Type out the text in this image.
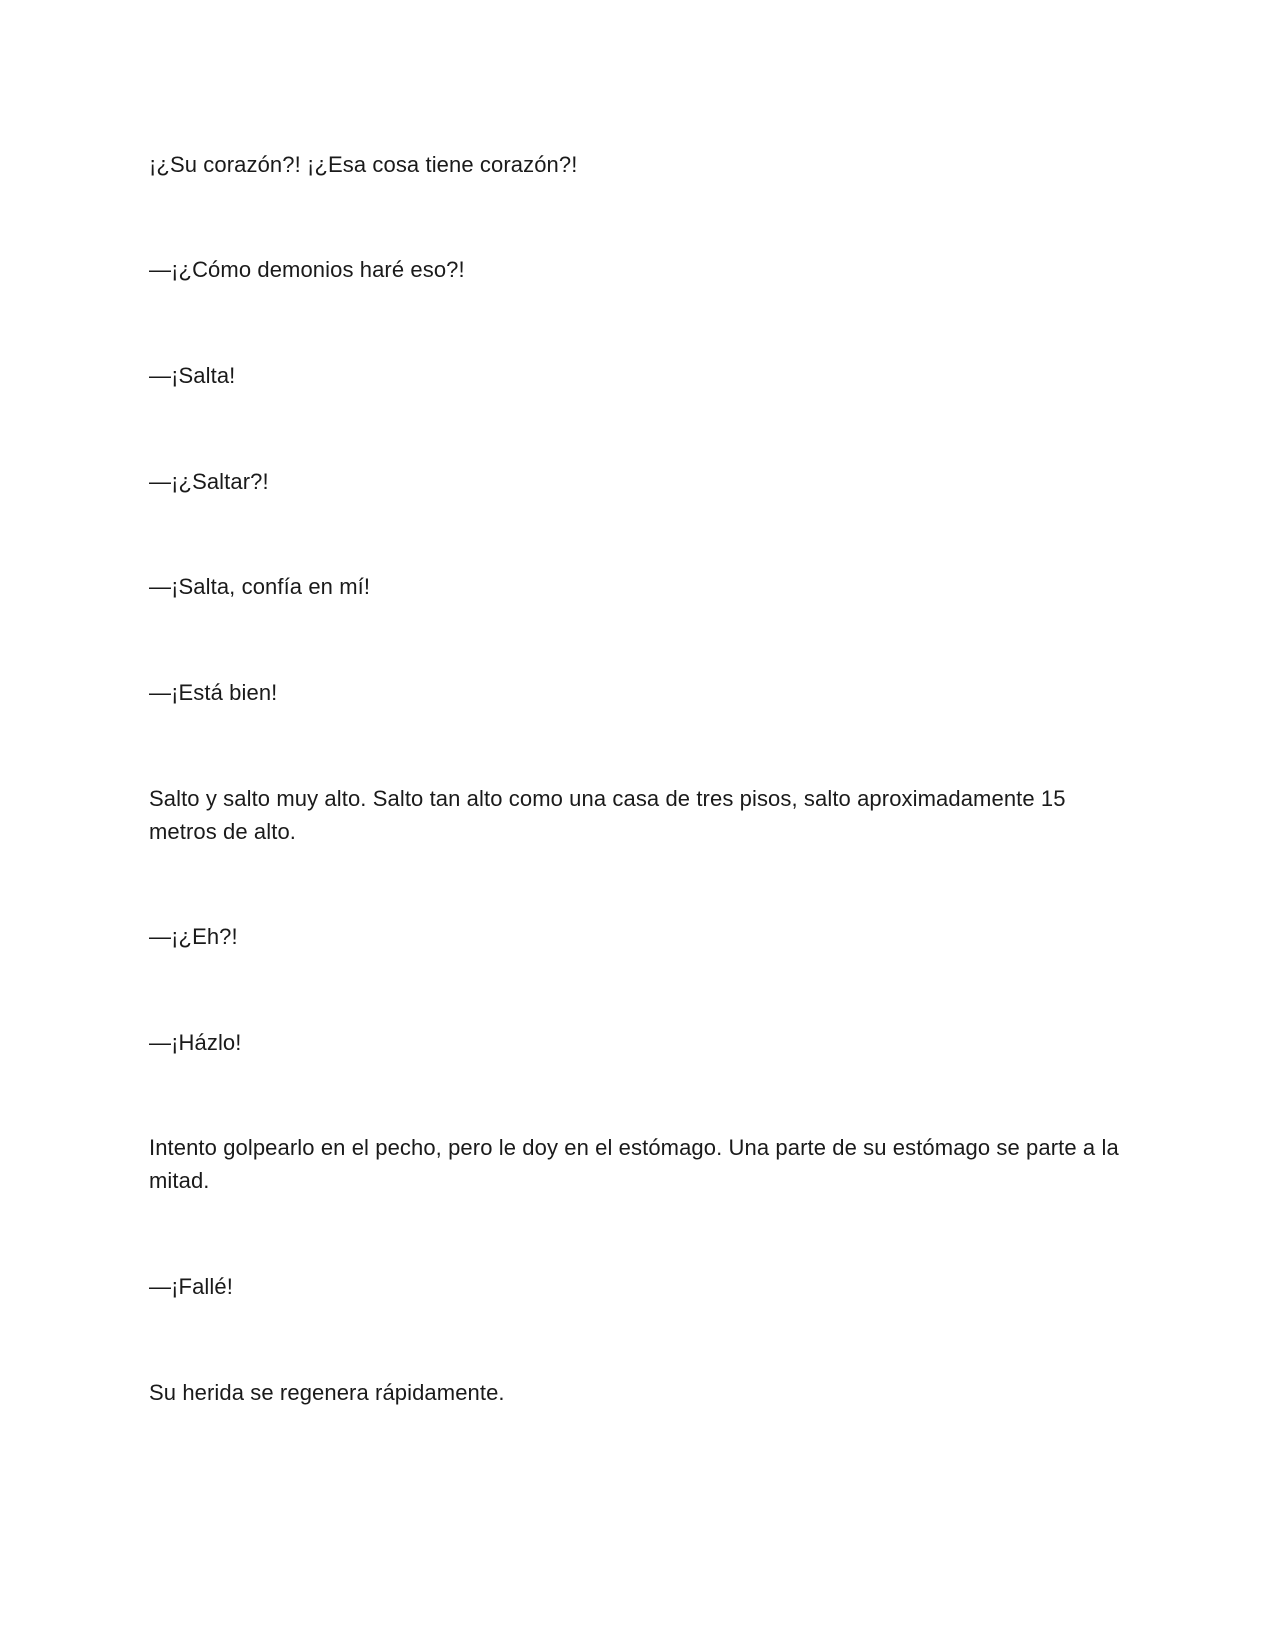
¡¿Su corazón?! ¡¿Esa cosa tiene corazón?!

—¡¿Cómo demonios haré eso?!

—¡Salta!

—¡¿Saltar?!

—¡Salta, confía en mí!

—¡Está bien!

Salto y salto muy alto. Salto tan alto como una casa de tres pisos, salto aproximadamente 15 metros de alto.

—¡¿Eh?!

—¡Házlo!

Intento golpearlo en el pecho, pero le doy en el estómago. Una parte de su estómago se parte a la mitad.

—¡Fallé!

Su herida se regenera rápidamente.
